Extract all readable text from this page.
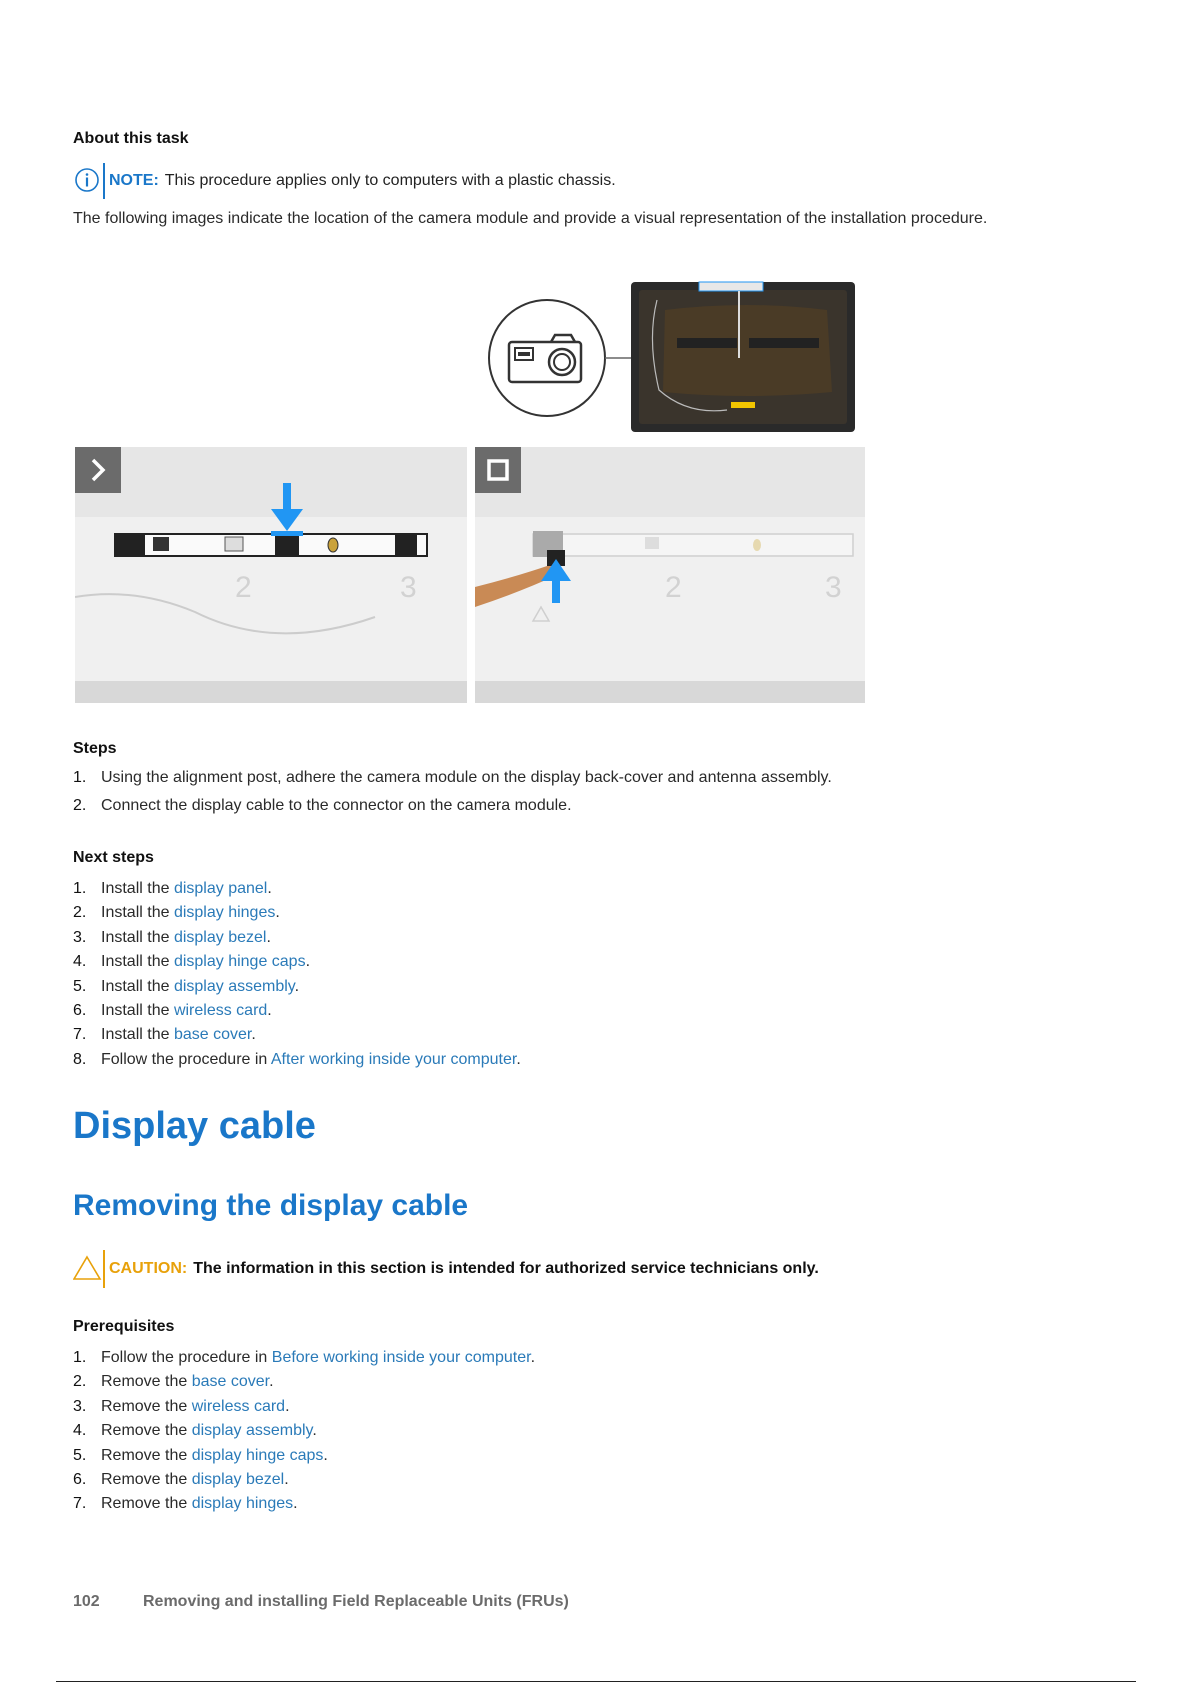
About this task
NOTE: This procedure applies only to computers with a plastic chassis.
The following images indicate the location of the camera module and provide a visual representation of the installation procedure.
2	3	2	3
Steps
1. Using the alignment post, adhere the camera module on the display back-cover and antenna assembly.
2. Connect the display cable to the connector on the camera module.
Next steps
1. Install the display panel.
2. Install the display hinges.
3. Install the display bezel.
4. Install the display hinge caps.
5. Install the display assembly.
6. Install the wireless card.
7. Install the base cover.
8. Follow the procedure in After working inside your computer.
Display cable
Removing the display cable
CAUTION: The information in this section is intended for authorized service technicians only.
Prerequisites
1. Follow the procedure in Before working inside your computer.
2. Remove the base cover.
3. Remove the wireless card.
4. Remove the display assembly.
5. Remove the display hinge caps.
6. Remove the display bezel.
7. Remove the display hinges.
102	Removing and installing Field Replaceable Units (FRUs)
